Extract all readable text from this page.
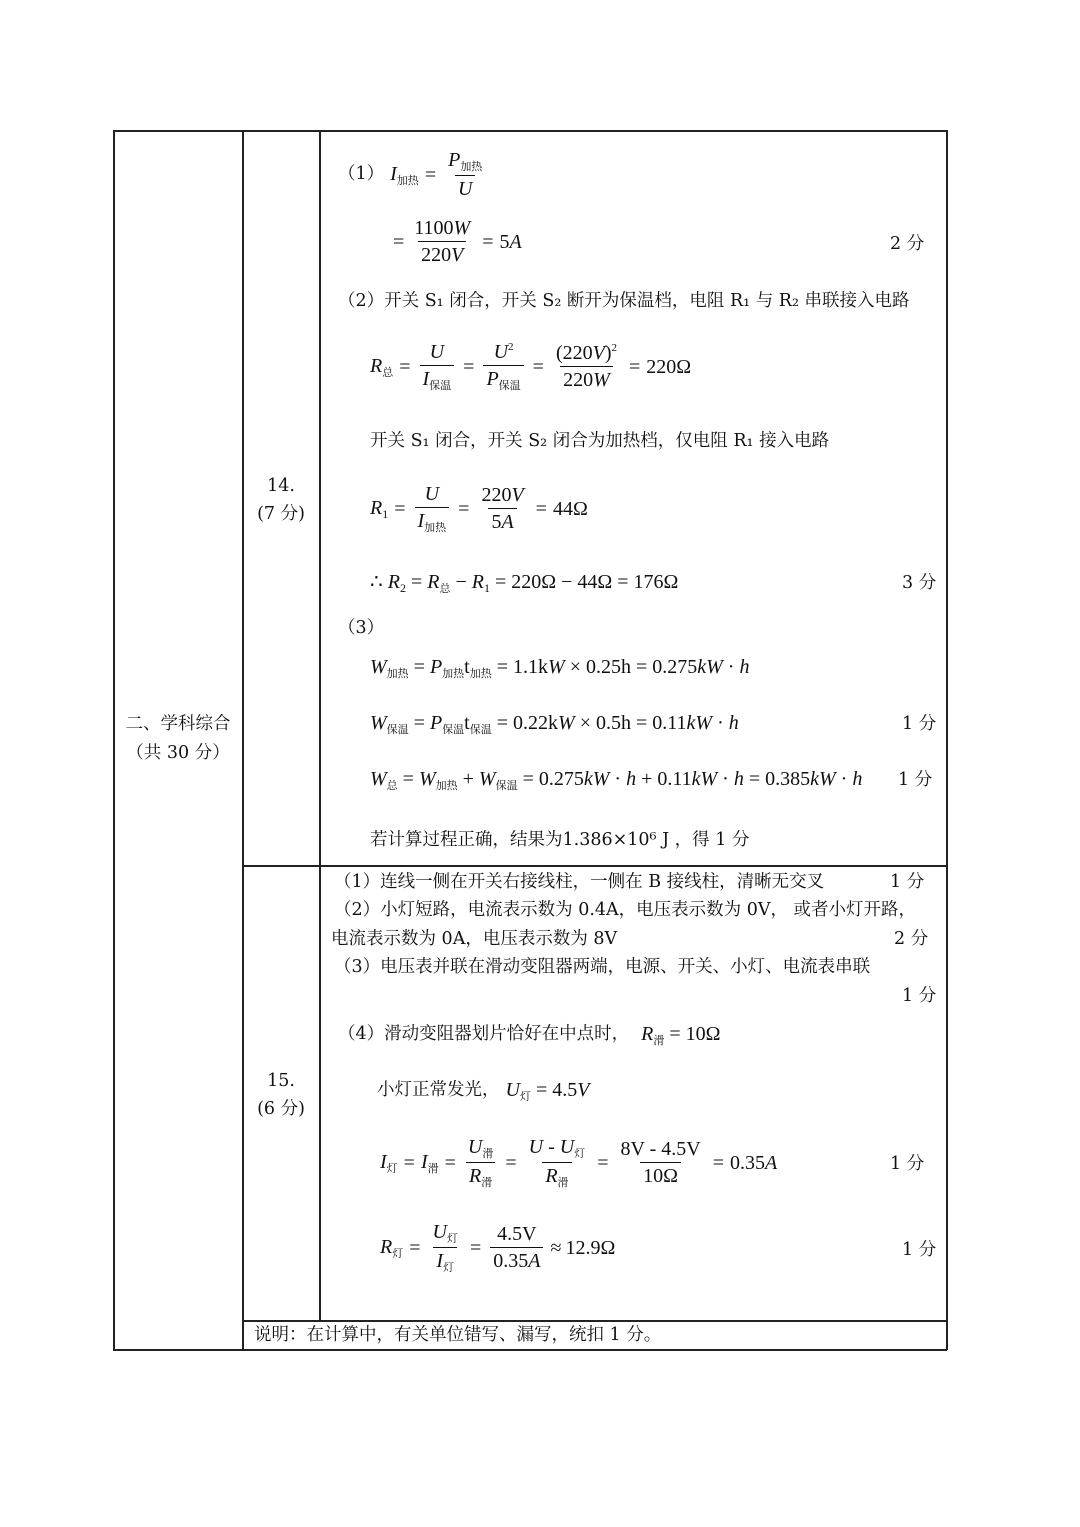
二、学科综合
（共 30 分）
14.
(7 分)
（1） $I_{加热} = \frac{P_{加热}}{U}$
= $\frac{1100W}{220V} = 5A$	2 分
（2）开关 S₁ 闭合，开关 S₂ 断开为保温档，电阻 R₁ 与 R₂ 串联接入电路
$R_总 = \frac{U}{I_{保温}} = \frac{U^2}{P_{保温}} = \frac{(220V)^2}{220W} = 220\Omega$
开关 S₁ 闭合，开关 S₂ 闭合为加热档，仅电阻 R₁ 接入电路
$R_1 = \frac{U}{I_{加热}} = \frac{220V}{5A} = 44\Omega$
∴ $R_2 = R_总 - R_1 = 220\Omega - 44\Omega = 176\Omega$	3 分
（3）
$W_{加热} = P_{加热}t_{加热} = 1.1kW \times 0.25h = 0.275kW \cdot h$
$W_{保温} = P_{保温}t_{保温} = 0.22kW \times 0.5h = 0.11kW \cdot h$	1 分
$W_总 = W_{加热} + W_{保温} = 0.275kW \cdot h + 0.11kW \cdot h = 0.385kW \cdot h$ 1 分
若计算过程正确，结果为1.386×10⁶ J ，得 1 分
15.
(6 分)
（1）连线一侧在开关右接线柱，一侧在 B 接线柱，清晰无交叉	1 分
（2）小灯短路，电流表示数为 0.4A，电压表示数为 0V， 或者小灯开路，
电流表示数为 0A，电压表示数为 8V	2 分
（3）电压表并联在滑动变阻器两端，电源、开关、小灯、电流表串联
1 分
（4）滑动变阻器划片恰好在中点时， $R_滑 = 10\Omega$
小灯正常发光， $U_灯 = 4.5V$
$I_灯 = I_滑 = \frac{U_滑}{R_滑} = \frac{U - U_灯}{R_滑} = \frac{8V - 4.5V}{10\Omega} = 0.35A$	1 分
$R_灯 = \frac{U_灯}{I_灯} = \frac{4.5V}{0.35A} \approx 12.9\Omega$	1 分
说明：在计算中，有关单位错写、漏写，统扣 1 分。
